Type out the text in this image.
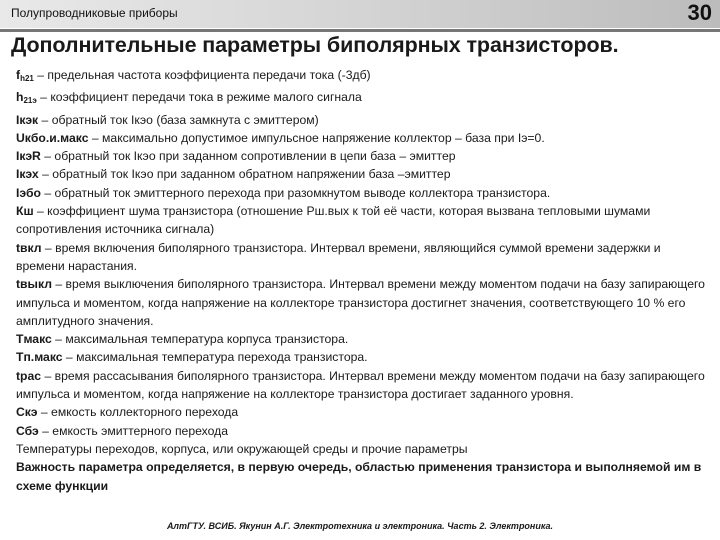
Полупроводниковые приборы	30
Дополнительные параметры биполярных транзисторов.
$f_{h21}$ – предельная частота коэффициента передачи тока (-3дб)
$h_{21э}$ – коэффициент передачи тока в режиме малого сигнала
Iкэк – обратный ток Iкэо (база замкнута с эмиттером)
Uкбо.и.макс – максимально допустимое импульсное напряжение коллектор – база при Iэ=0.
IкэR – обратный ток Iкэо при заданном сопротивлении в цепи база – эмиттер
Iкэх – обратный ток Iкэо при заданном обратном напряжении база –эмиттер
Iэбо – обратный ток эмиттерного перехода при разомкнутом выводе коллектора транзистора.
Кш – коэффициент шума транзистора (отношение Рш.вых к той её части, которая вызвана тепловыми шумами сопротивления источника сигнала)
tвкл – время включения биполярного транзистора. Интервал времени, являющийся суммой времени задержки и времени нарастания.
tвыкл – время выключения биполярного транзистора. Интервал времени между моментом подачи на базу запирающего импульса и моментом, когда напряжение на коллекторе транзистора достигнет значения, соответствующего 10 % его амплитудного значения.
Tмакс – максимальная температура корпуса транзистора.
Tп.макс – максимальная температура перехода транзистора.
tрас – время рассасывания биполярного транзистора. Интервал времени между моментом подачи на базу запирающего импульса и моментом, когда напряжение на коллекторе транзистора достигает заданного уровня.
Скэ – емкость коллекторного перехода
Сбэ – емкость эмиттерного перехода
Температуры переходов, корпуса, или окружающей среды и прочие параметры
Важность параметра определяется, в первую очередь, областью применения транзистора и выполняемой им в схеме функции
АлтГТУ. ВСИБ. Якунин А.Г. Электротехника и электроника. Часть 2. Электроника.
